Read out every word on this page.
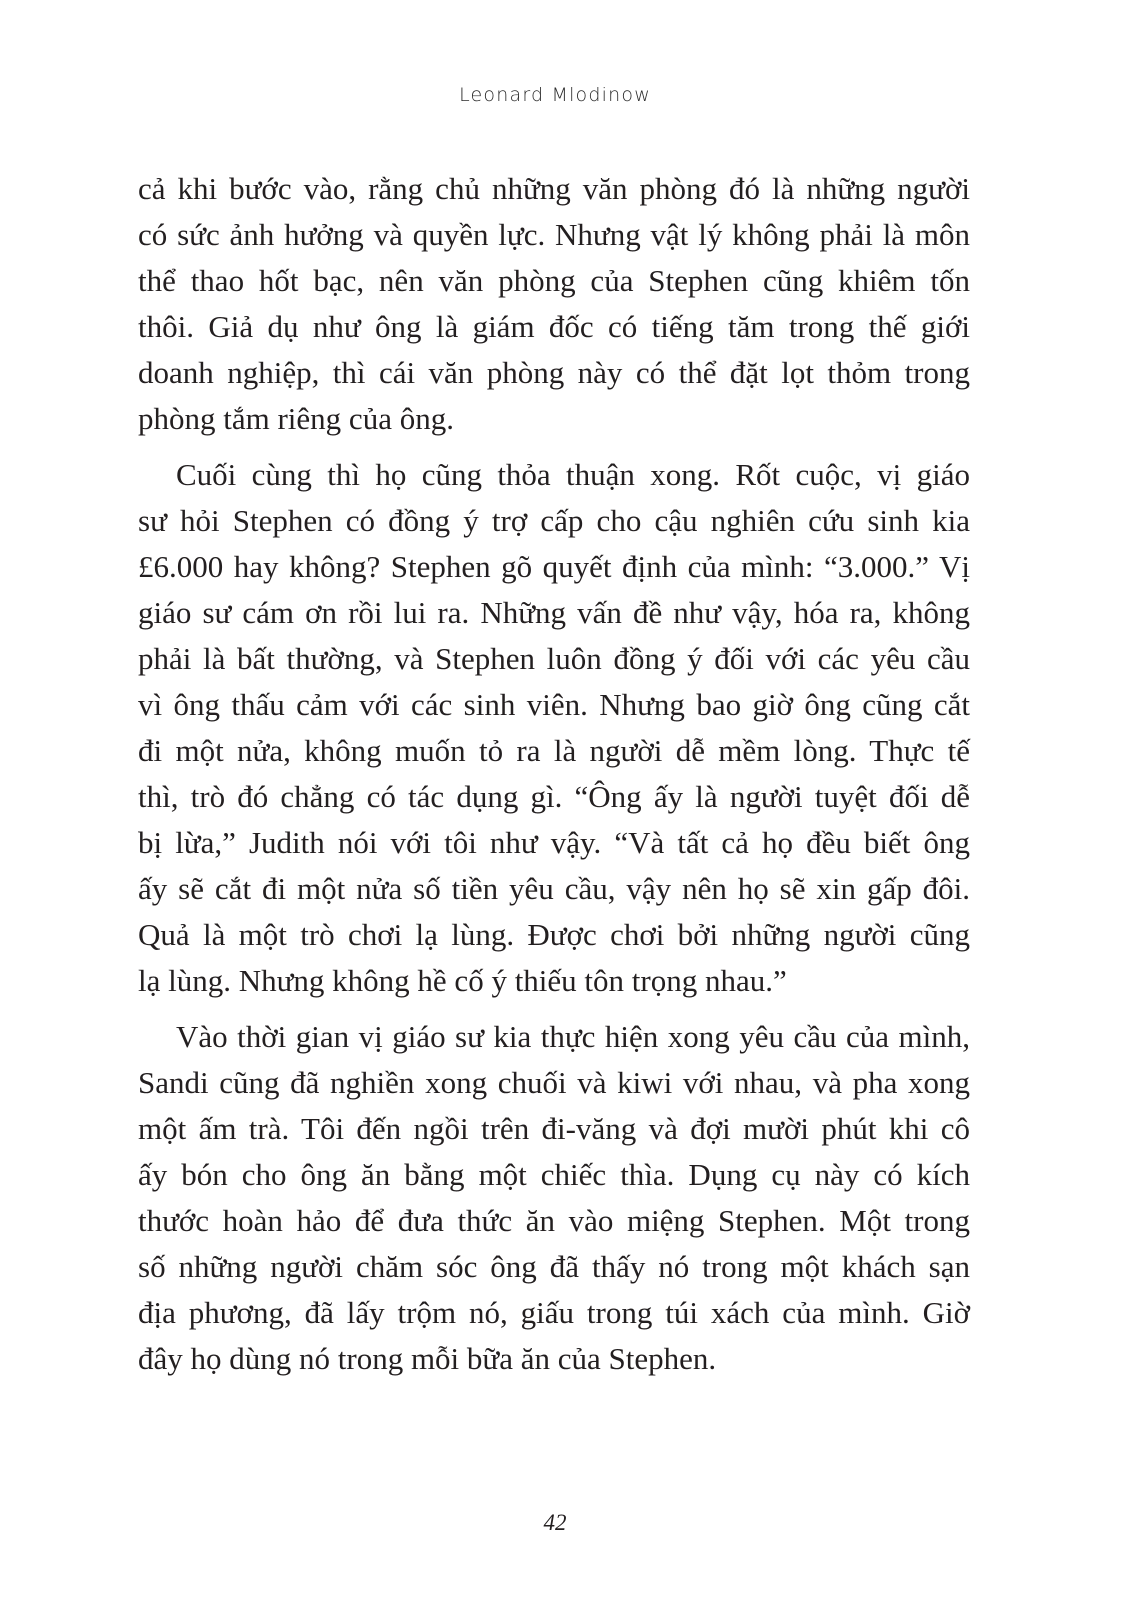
Leonard Mlodinow

cả khi bước vào, rằng chủ những văn phòng đó là những người
có sức ảnh hưởng và quyền lực. Nhưng vật lý không phải là môn
thể thao hốt bạc, nên văn phòng của Stephen cũng khiêm tốn
thôi. Giả dụ như ông là giám đốc có tiếng tăm trong thế giới
doanh nghiệp, thì cái văn phòng này có thể đặt lọt thỏm trong
phòng tắm riêng của ông.

Cuối cùng thì họ cũng thỏa thuận xong. Rốt cuộc, vị giáo
sư hỏi Stephen có đồng ý trợ cấp cho cậu nghiên cứu sinh kia
£6.000 hay không? Stephen gõ quyết định của mình: “3.000.” Vị
giáo sư cám ơn rồi lui ra. Những vấn đề như vậy, hóa ra, không
phải là bất thường, và Stephen luôn đồng ý đối với các yêu cầu
vì ông thấu cảm với các sinh viên. Nhưng bao giờ ông cũng cắt
đi một nửa, không muốn tỏ ra là người dễ mềm lòng. Thực tế
thì, trò đó chẳng có tác dụng gì. “Ông ấy là người tuyệt đối dễ
bị lừa,” Judith nói với tôi như vậy. “Và tất cả họ đều biết ông
ấy sẽ cắt đi một nửa số tiền yêu cầu, vậy nên họ sẽ xin gấp đôi.
Quả là một trò chơi lạ lùng. Được chơi bởi những người cũng
lạ lùng. Nhưng không hề cố ý thiếu tôn trọng nhau.”

Vào thời gian vị giáo sư kia thực hiện xong yêu cầu của mình,
Sandi cũng đã nghiền xong chuối và kiwi với nhau, và pha xong
một ấm trà. Tôi đến ngồi trên đi-văng và đợi mười phút khi cô
ấy bón cho ông ăn bằng một chiếc thìa. Dụng cụ này có kích
thước hoàn hảo để đưa thức ăn vào miệng Stephen. Một trong
số những người chăm sóc ông đã thấy nó trong một khách sạn
địa phương, đã lấy trộm nó, giấu trong túi xách của mình. Giờ
đây họ dùng nó trong mỗi bữa ăn của Stephen.

42
